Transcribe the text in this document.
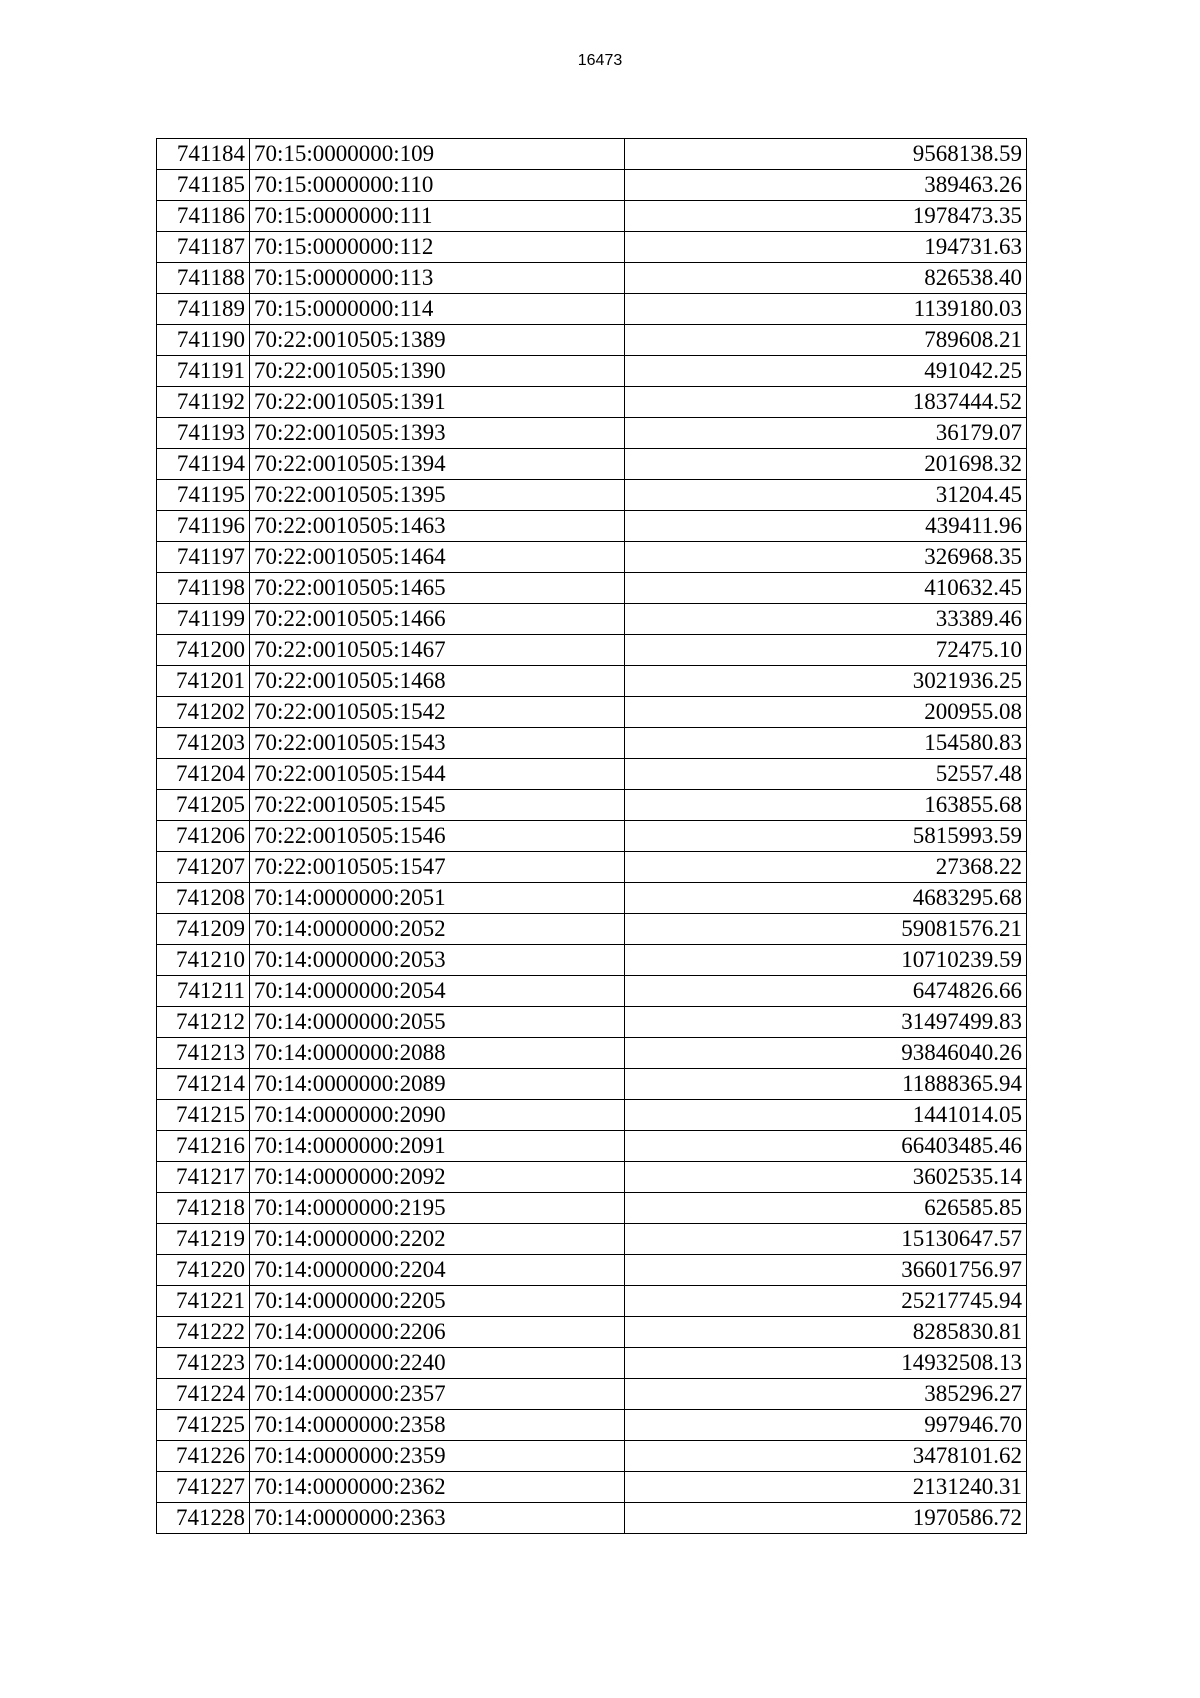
16473
741184	70:15:0000000:109	9568138.59
741185	70:15:0000000:110	389463.26
741186	70:15:0000000:111	1978473.35
741187	70:15:0000000:112	194731.63
741188	70:15:0000000:113	826538.40
741189	70:15:0000000:114	1139180.03
741190	70:22:0010505:1389	789608.21
741191	70:22:0010505:1390	491042.25
741192	70:22:0010505:1391	1837444.52
741193	70:22:0010505:1393	36179.07
741194	70:22:0010505:1394	201698.32
741195	70:22:0010505:1395	31204.45
741196	70:22:0010505:1463	439411.96
741197	70:22:0010505:1464	326968.35
741198	70:22:0010505:1465	410632.45
741199	70:22:0010505:1466	33389.46
741200	70:22:0010505:1467	72475.10
741201	70:22:0010505:1468	3021936.25
741202	70:22:0010505:1542	200955.08
741203	70:22:0010505:1543	154580.83
741204	70:22:0010505:1544	52557.48
741205	70:22:0010505:1545	163855.68
741206	70:22:0010505:1546	5815993.59
741207	70:22:0010505:1547	27368.22
741208	70:14:0000000:2051	4683295.68
741209	70:14:0000000:2052	59081576.21
741210	70:14:0000000:2053	10710239.59
741211	70:14:0000000:2054	6474826.66
741212	70:14:0000000:2055	31497499.83
741213	70:14:0000000:2088	93846040.26
741214	70:14:0000000:2089	11888365.94
741215	70:14:0000000:2090	1441014.05
741216	70:14:0000000:2091	66403485.46
741217	70:14:0000000:2092	3602535.14
741218	70:14:0000000:2195	626585.85
741219	70:14:0000000:2202	15130647.57
741220	70:14:0000000:2204	36601756.97
741221	70:14:0000000:2205	25217745.94
741222	70:14:0000000:2206	8285830.81
741223	70:14:0000000:2240	14932508.13
741224	70:14:0000000:2357	385296.27
741225	70:14:0000000:2358	997946.70
741226	70:14:0000000:2359	3478101.62
741227	70:14:0000000:2362	2131240.31
741228	70:14:0000000:2363	1970586.72
